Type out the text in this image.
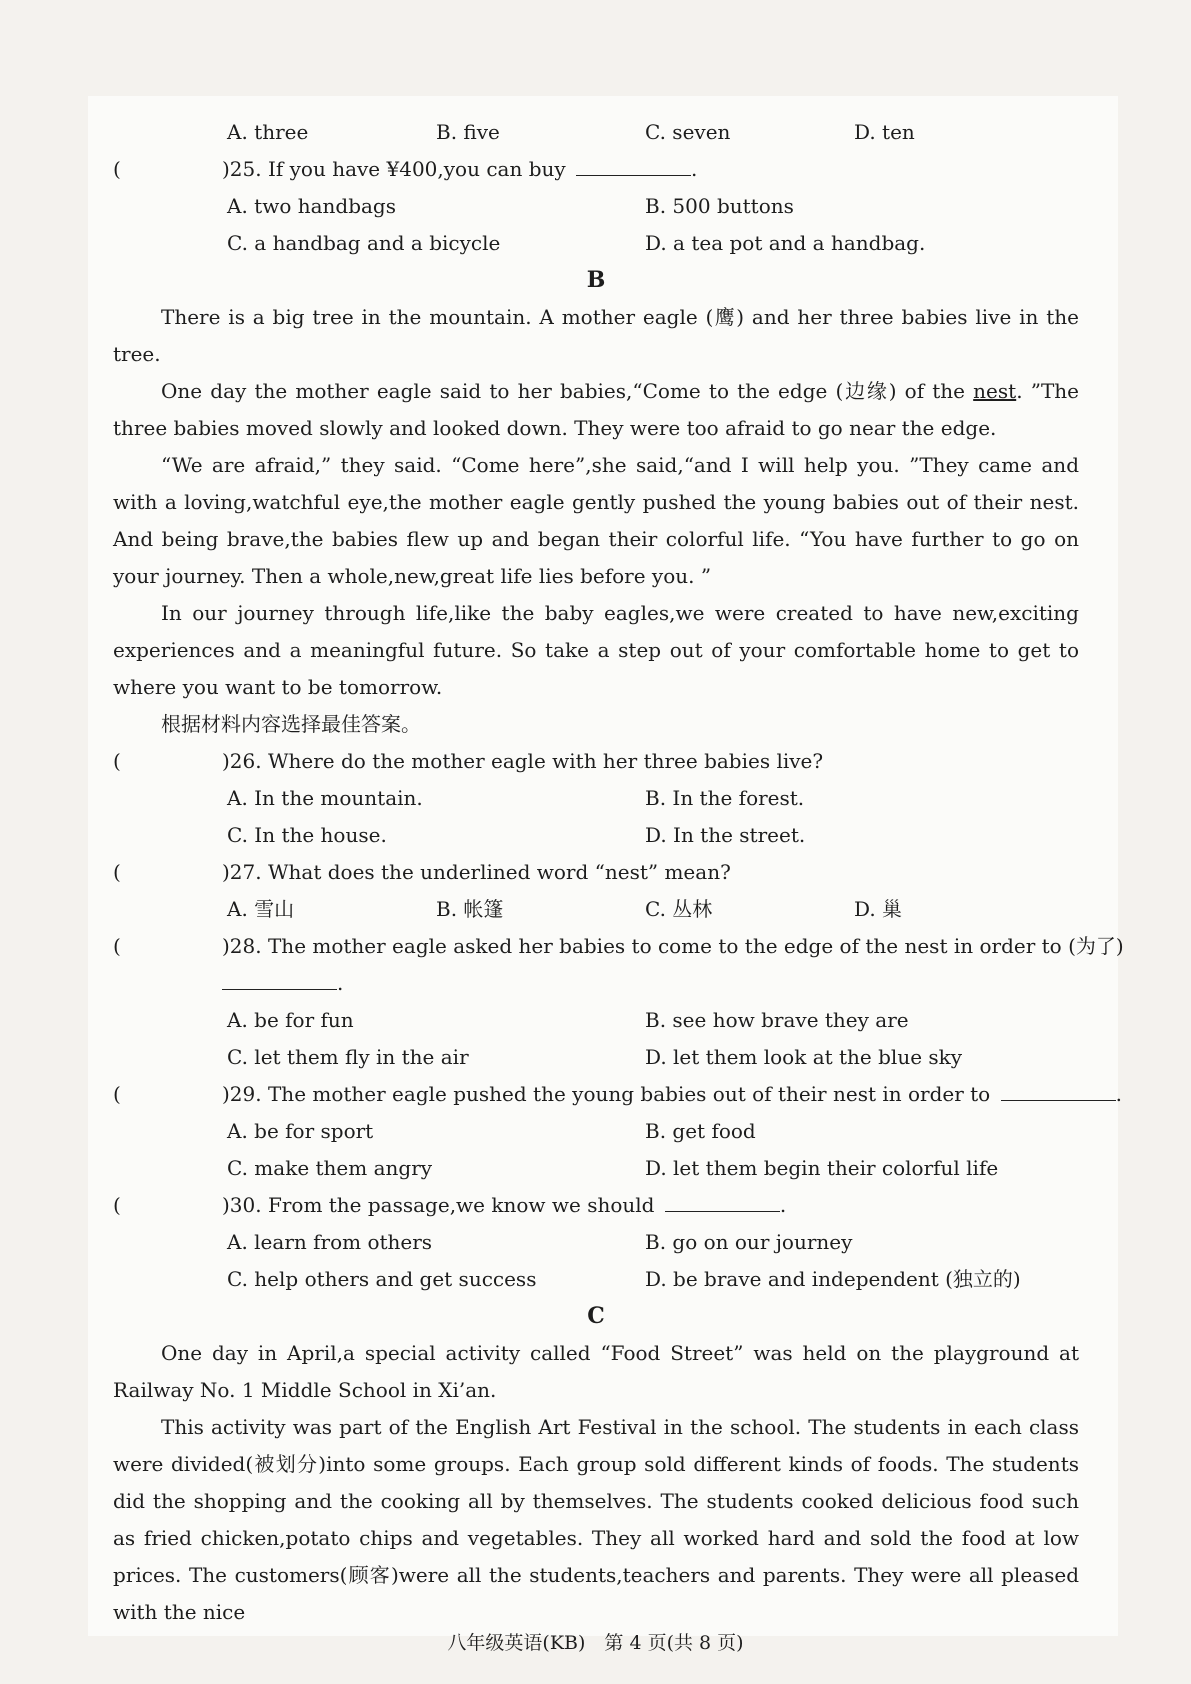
A. three	B. five	C. seven	D. ten
(	)25. If you have ¥400,you can buy	.
A. two handbags	B. 500 buttons
C. a handbag and a bicycle	D. a tea pot and a handbag.
B
There is a big tree in the mountain. A mother eagle (鹰) and her three babies live in the tree.
One day the mother eagle said to her babies,“Come to the edge (边缘) of the nest. ”The three babies moved slowly and looked down. They were too afraid to go near the edge.
“We are afraid,” they said. “Come here”,she said,“and I will help you. ”They came and with a loving,watchful eye,the mother eagle gently pushed the young babies out of their nest. And being brave,the babies flew up and began their colorful life. “You have further to go on your journey. Then a whole,new,great life lies before you. ”
In our journey through life,like the baby eagles,we were created to have new,exciting experiences and a meaningful future. So take a step out of your comfortable home to get to where you want to be tomorrow.
根据材料内容选择最佳答案。
(	)26. Where do the mother eagle with her three babies live?
A. In the mountain.	B. In the forest.
C. In the house.	D. In the street.
(	)27. What does the underlined word “nest” mean?
A. 雪山	B. 帐篷	C. 丛林	D. 巢
(	)28. The mother eagle asked her babies to come to the edge of the nest in order to (为了)
.
A. be for fun	B. see how brave they are
C. let them fly in the air	D. let them look at the blue sky
(	)29. The mother eagle pushed the young babies out of their nest in order to	.
A. be for sport	B. get food
C. make them angry	D. let them begin their colorful life
(	)30. From the passage,we know we should	.
A. learn from others	B. go on our journey
C. help others and get success	D. be brave and independent (独立的)
C
One day in April,a special activity called “Food Street” was held on the playground at Railway No. 1 Middle School in Xi’an.
This activity was part of the English Art Festival in the school. The students in each class were divided(被划分)into some groups. Each group sold different kinds of foods. The students did the shopping and the cooking all by themselves. The students cooked delicious food such as fried chicken,potato chips and vegetables. They all worked hard and sold the food at low prices. The customers(顾客)were all the students,teachers and parents. They were all pleased with the nice
八年级英语(KB)　第 4 页(共 8 页)
